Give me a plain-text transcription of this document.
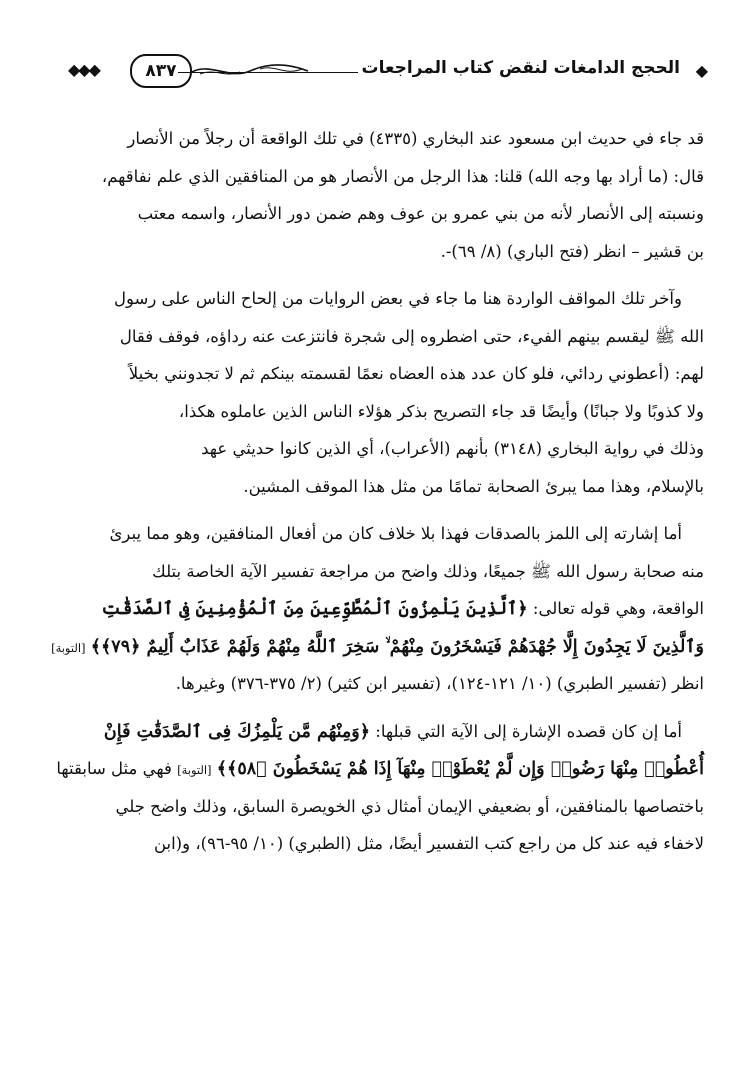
◆
الحجج الدامغات لنقض كتاب المراجعات
٨٣٧
◆◆◆
قد جاء في حديث ابن مسعود عند البخاري (٤٣٣٥) في تلك الواقعة أن رجلاً من الأنصار
قال: (ما أراد بها وجه الله) قلنا: هذا الرجل من الأنصار هو من المنافقين الذي علم نفاقهم،
ونسبته إلى الأنصار لأنه من بني عمرو بن عوف وهم ضمن دور الأنصار، واسمه معتب
بن قشير – انظر (فتح الباري) (٨/ ٦٩)-.
وآخر تلك المواقف الواردة هنا ما جاء في بعض الروايات من إلحاح الناس على رسول
الله ﷺ ليقسم بينهم الفيء، حتى اضطروه إلى شجرة فانتزعت عنه رداؤه، فوقف فقال
لهم: (أعطوني ردائي، فلو كان عدد هذه العضاه نعمًا لقسمته بينكم ثم لا تجدونني بخيلاً
ولا كذوبًا ولا جبانًا) وأيضًا قد جاء التصريح بذكر هؤلاء الناس الذين عاملوه هكذا،
وذلك في رواية البخاري (٣١٤٨) بأنهم (الأعراب)، أي الذين كانوا حديثي عهد
بالإسلام، وهذا مما يبرئ الصحابة تمامًا من مثل هذا الموقف المشين.
أما إشارته إلى اللمز بالصدقات فهذا بلا خلاف كان من أفعال المنافقين، وهو مما يبرئ
منه صحابة رسول الله ﷺ جميعًا، وذلك واضح من مراجعة تفسير الآية الخاصة بتلك
الواقعة، وهي قوله تعالى: ﴿ٱلَّذِينَ يَلْمِزُونَ ٱلْمُطَّوِّعِينَ مِنَ ٱلْمُؤْمِنِينَ فِى ٱلصَّدَقَٰتِ
وَٱلَّذِينَ لَا يَجِدُونَ إِلَّا جُهْدَهُمْ فَيَسْخَرُونَ مِنْهُمْ ۙ سَخِرَ ٱللَّهُ مِنْهُمْ وَلَهُمْ عَذَابٌ أَلِيمٌ ﴿٧٩﴾﴾ [التوبة]
انظر (تفسير الطبري) (١٠/ ١٢١-١٢٤)، (تفسير ابن كثير) (٢/ ٣٧٥-٣٧٦) وغيرها.
أما إن كان قصده الإشارة إلى الآية التي قبلها: ﴿وَمِنْهُم مَّن يَلْمِزُكَ فِى ٱلصَّدَقَٰتِ فَإِنْ
أُعْطُوا۟ مِنْهَا رَضُوا۟ وَإِن لَّمْ يُعْطَوْا۟ مِنْهَآ إِذَا هُمْ يَسْخَطُونَ ﴿٥٨﴾﴾ [التوبة] فهي مثل سابقتها
باختصاصها بالمنافقين، أو بضعيفي الإيمان أمثال ذي الخويصرة السابق، وذلك واضح جلي
لاخفاء فيه عند كل من راجع كتب التفسير أيضًا، مثل (الطبري) (١٠/ ٩٥-٩٦)، و(ابن
